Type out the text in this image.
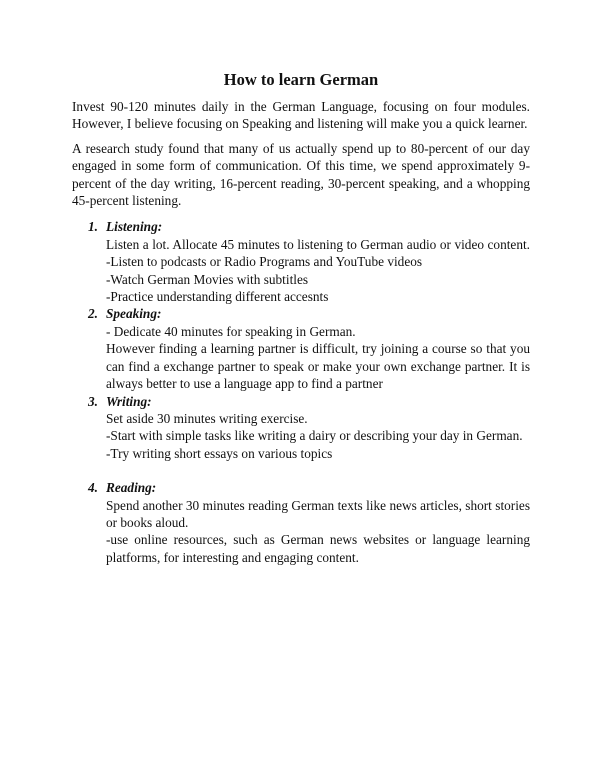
How to learn German

Invest 90-120 minutes daily in the German Language, focusing on four modules. However, I believe focusing on Speaking and listening will make you a quick learner.

A research study found that many of us actually spend up to 80-percent of our day engaged in some form of communication. Of this time, we spend approximately 9-percent of the day writing, 16-percent reading, 30-percent speaking, and a whopping 45-percent listening.

1. Listening:
Listen a lot. Allocate 45 minutes to listening to German audio or video content. -Listen to podcasts or Radio Programs and YouTube videos
-Watch German Movies with subtitles
-Practice understanding different accesnts
2. Speaking:
- Dedicate 40 minutes for speaking in German.
However finding a learning partner is difficult, try joining a course so that you can find a exchange partner to speak or make your own exchange partner. It is always better to use a language app to find a partner
3. Writing:
Set aside 30 minutes writing exercise.
-Start with simple tasks like writing a dairy or describing your day in German.
-Try writing short essays on various topics
4. Reading:
Spend another 30 minutes reading German texts like news articles, short stories or books aloud.
-use online resources, such as German news websites or language learning platforms, for interesting and engaging content.
